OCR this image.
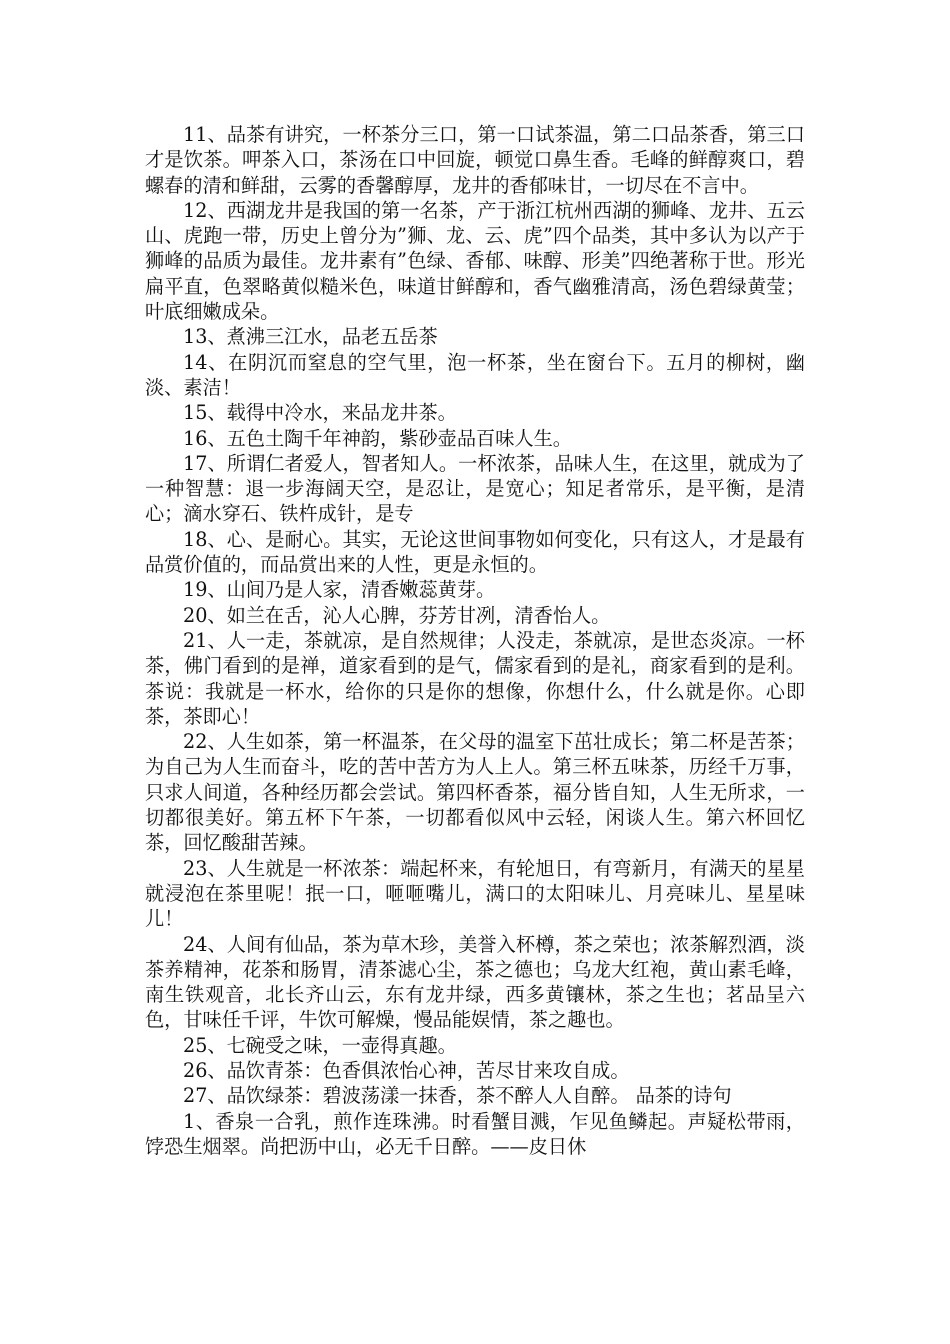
11、品茶有讲究，一杯茶分三口，第一口试茶温，第二口品茶香，第三口才是饮茶。呷茶入口，茶汤在口中回旋，顿觉口鼻生香。毛峰的鲜醇爽口，碧螺春的清和鲜甜，云雾的香馨醇厚，龙井的香郁味甘，一切尽在不言中。

12、西湖龙井是我国的第一名茶，产于浙江杭州西湖的狮峰、龙井、五云山、虎跑一带，历史上曾分为”狮、龙、云、虎”四个品类，其中多认为以产于狮峰的品质为最佳。龙井素有”色绿、香郁、味醇、形美”四绝著称于世。形光扁平直，色翠略黄似糙米色，味道甘鲜醇和，香气幽雅清高，汤色碧绿黄莹；叶底细嫩成朵。

13、煮沸三江水，品老五岳茶

14、在阴沉而窒息的空气里，泡一杯茶，坐在窗台下。五月的柳树，幽淡、素洁！

15、载得中冷水，来品龙井茶。

16、五色土陶千年神韵，紫砂壶品百味人生。

17、所谓仁者爱人，智者知人。一杯浓茶，品味人生，在这里，就成为了一种智慧：退一步海阔天空，是忍让，是宽心；知足者常乐，是平衡，是清心；滴水穿石、铁杵成针，是专

18、心、是耐心。其实，无论这世间事物如何变化，只有这人，才是最有品赏价值的，而品赏出来的人性，更是永恒的。

19、山间乃是人家，清香嫩蕊黄芽。

20、如兰在舌，沁人心脾，芬芳甘冽，清香怡人。

21、人一走，茶就凉，是自然规律；人没走，茶就凉，是世态炎凉。一杯茶，佛门看到的是禅，道家看到的是气，儒家看到的是礼，商家看到的是利。茶说：我就是一杯水，给你的只是你的想像，你想什么，什么就是你。心即茶，茶即心！

22、人生如茶，第一杯温茶，在父母的温室下茁壮成长；第二杯是苦茶；为自己为人生而奋斗，吃的苦中苦方为人上人。第三杯五味茶，历经千万事，只求人间道，各种经历都会尝试。第四杯香茶，福分皆自知，人生无所求，一切都很美好。第五杯下午茶，一切都看似风中云轻，闲谈人生。第六杯回忆茶，回忆酸甜苦辣。

23、人生就是一杯浓茶：端起杯来，有轮旭日，有弯新月，有满天的星星就浸泡在茶里呢！抿一口，咂咂嘴儿，满口的太阳味儿、月亮味儿、星星味儿！

24、人间有仙品，茶为草木珍，美誉入杯樽，茶之荣也；浓茶解烈酒，淡茶养精神，花茶和肠胃，清茶滤心尘，茶之德也；乌龙大红袍，黄山素毛峰，南生铁观音，北长齐山云，东有龙井绿，西多黄镶林，茶之生也；茗品呈六色，甘味任千评，牛饮可解燥，慢品能娱情，茶之趣也。

25、七碗受之味，一壶得真趣。

26、品饮青茶：色香俱浓怡心神，苦尽甘来攻自成。

27、品饮绿茶：碧波荡漾一抹香，茶不醉人人自醉。 品茶的诗句

1、香泉一合乳，煎作连珠沸。时看蟹目溅，乍见鱼鳞起。声疑松带雨，饽恐生烟翠。尚把沥中山，必无千日醉。——皮日休
